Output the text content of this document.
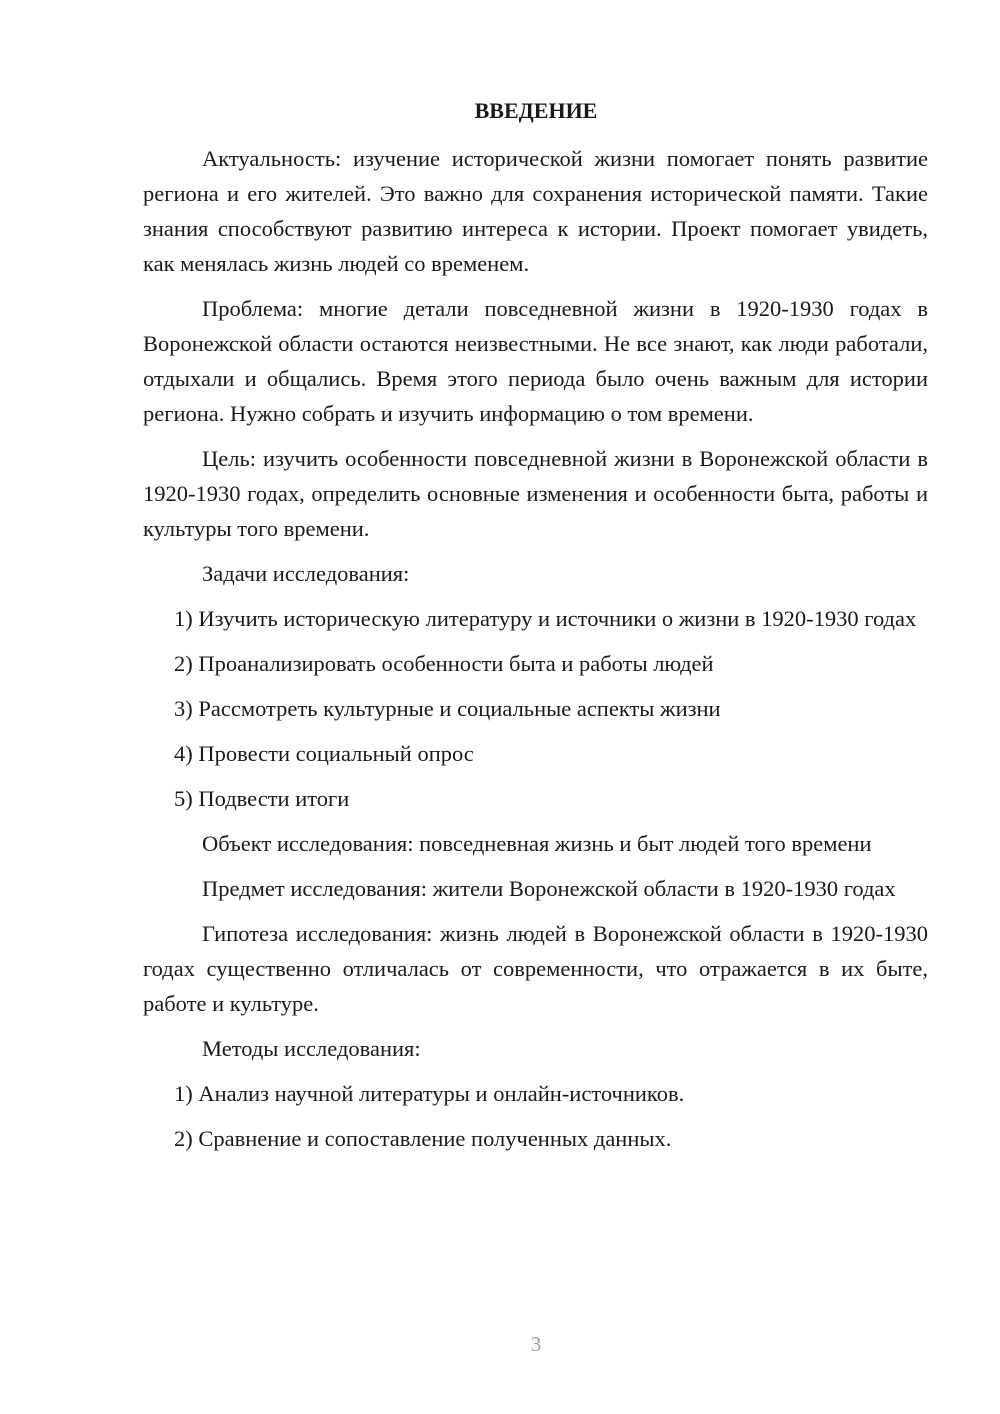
ВВЕДЕНИЕ

Актуальность: изучение исторической жизни помогает понять развитие региона и его жителей. Это важно для сохранения исторической памяти. Такие знания способствуют развитию интереса к истории. Проект помогает увидеть, как менялась жизнь людей со временем.

Проблема: многие детали повседневной жизни в 1920-1930 годах в Воронежской области остаются неизвестными. Не все знают, как люди работали, отдыхали и общались. Время этого периода было очень важным для истории региона. Нужно собрать и изучить информацию о том времени.

Цель: изучить особенности повседневной жизни в Воронежской области в 1920-1930 годах, определить основные изменения и особенности быта, работы и культуры того времени.

Задачи исследования:

1) Изучить историческую литературу и источники о жизни в 1920-1930 годах

2) Проанализировать особенности быта и работы людей

3) Рассмотреть культурные и социальные аспекты жизни

4) Провести социальный опрос

5) Подвести итоги

Объект исследования: повседневная жизнь и быт людей того времени

Предмет исследования: жители Воронежской области в 1920-1930 годах

Гипотеза исследования: жизнь людей в Воронежской области в 1920-1930 годах существенно отличалась от современности, что отражается в их быте, работе и культуре.

Методы исследования:

1) Анализ научной литературы и онлайн-источников.

2) Сравнение и сопоставление полученных данных.

3
